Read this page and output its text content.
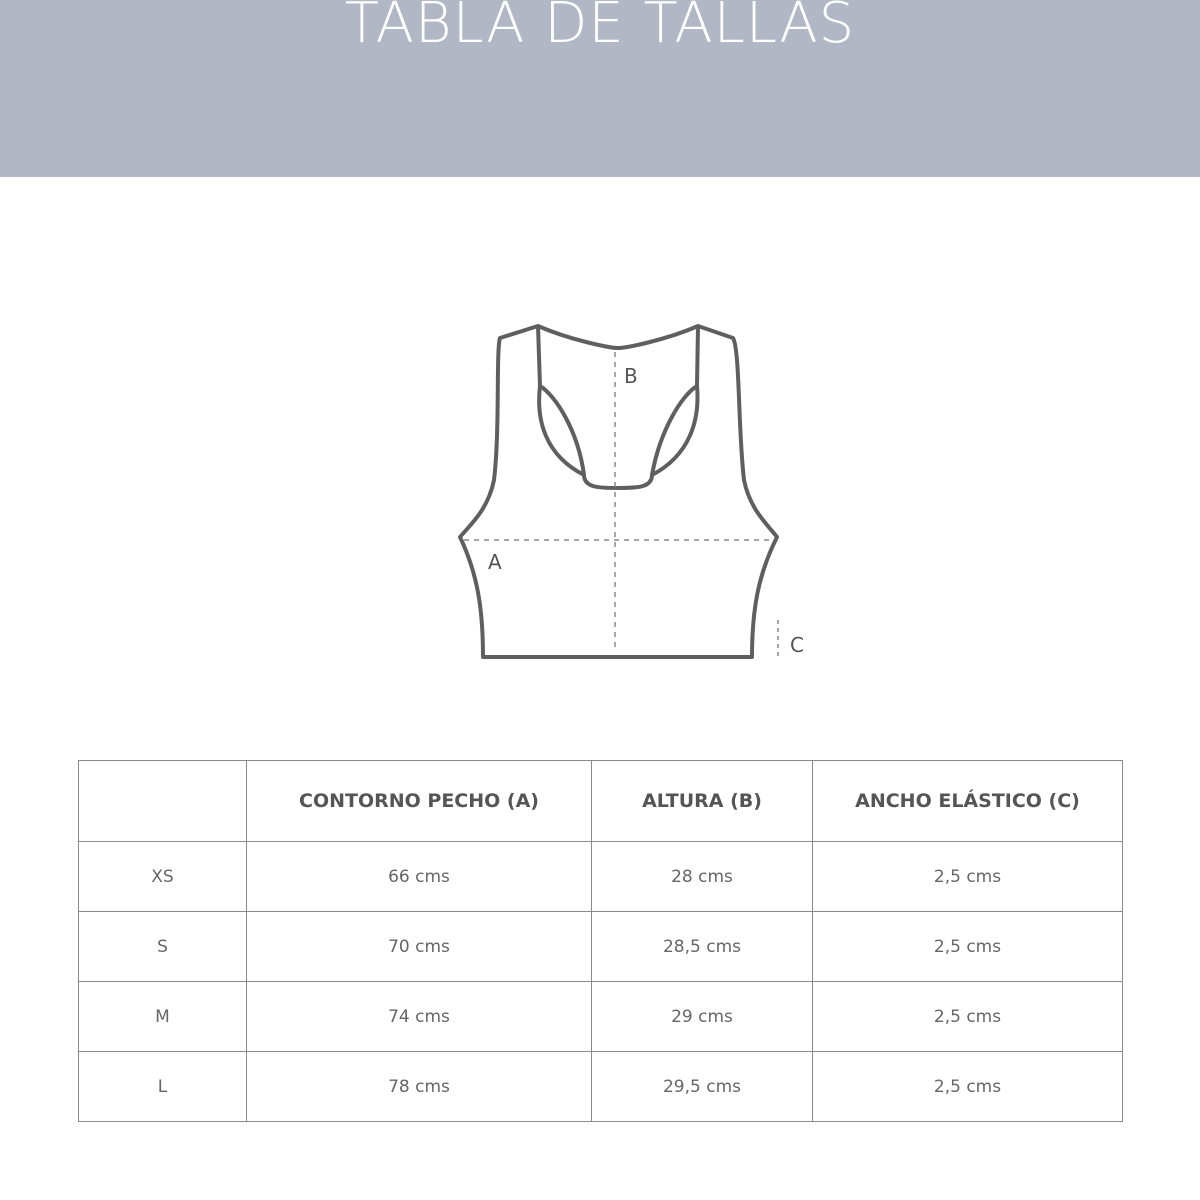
TABLA DE TALLAS
B
A
C
	CONTORNO PECHO (A)	ALTURA (B)	ANCHO ELÁSTICO (C)
XS	66 cms	28 cms	2,5 cms
S	70 cms	28,5 cms	2,5 cms
M	74 cms	29 cms	2,5 cms
L	78 cms	29,5 cms	2,5 cms
